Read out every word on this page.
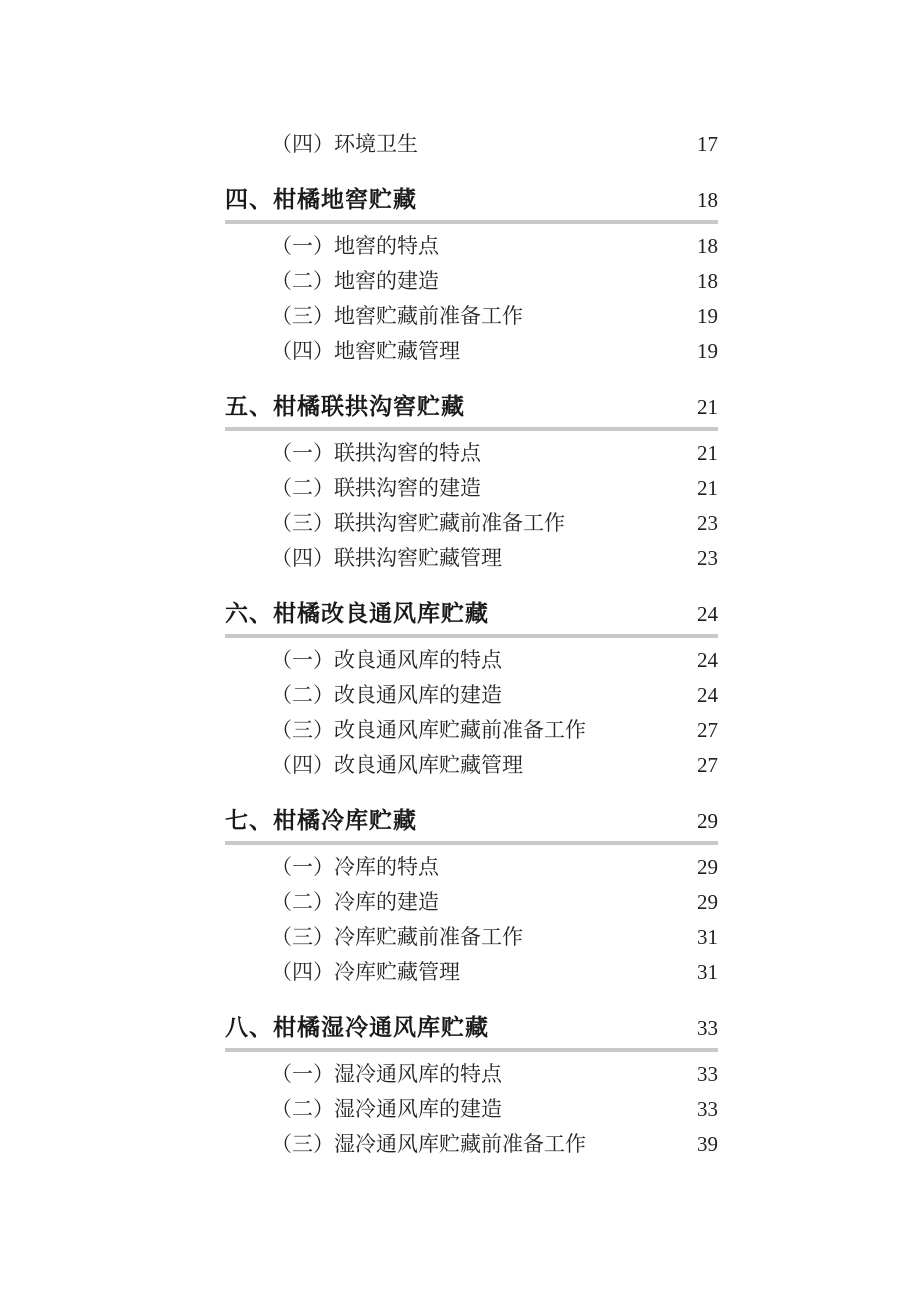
（四）环境卫生	17
四、柑橘地窖贮藏	18
（一）地窖的特点	18
（二）地窖的建造	18
（三）地窖贮藏前准备工作	19
（四）地窖贮藏管理	19
五、柑橘联拱沟窖贮藏	21
（一）联拱沟窖的特点	21
（二）联拱沟窖的建造	21
（三）联拱沟窖贮藏前准备工作	23
（四）联拱沟窖贮藏管理	23
六、柑橘改良通风库贮藏	24
（一）改良通风库的特点	24
（二）改良通风库的建造	24
（三）改良通风库贮藏前准备工作	27
（四）改良通风库贮藏管理	27
七、柑橘冷库贮藏	29
（一）冷库的特点	29
（二）冷库的建造	29
（三）冷库贮藏前准备工作	31
（四）冷库贮藏管理	31
八、柑橘湿冷通风库贮藏	33
（一）湿冷通风库的特点	33
（二）湿冷通风库的建造	33
（三）湿冷通风库贮藏前准备工作	39
